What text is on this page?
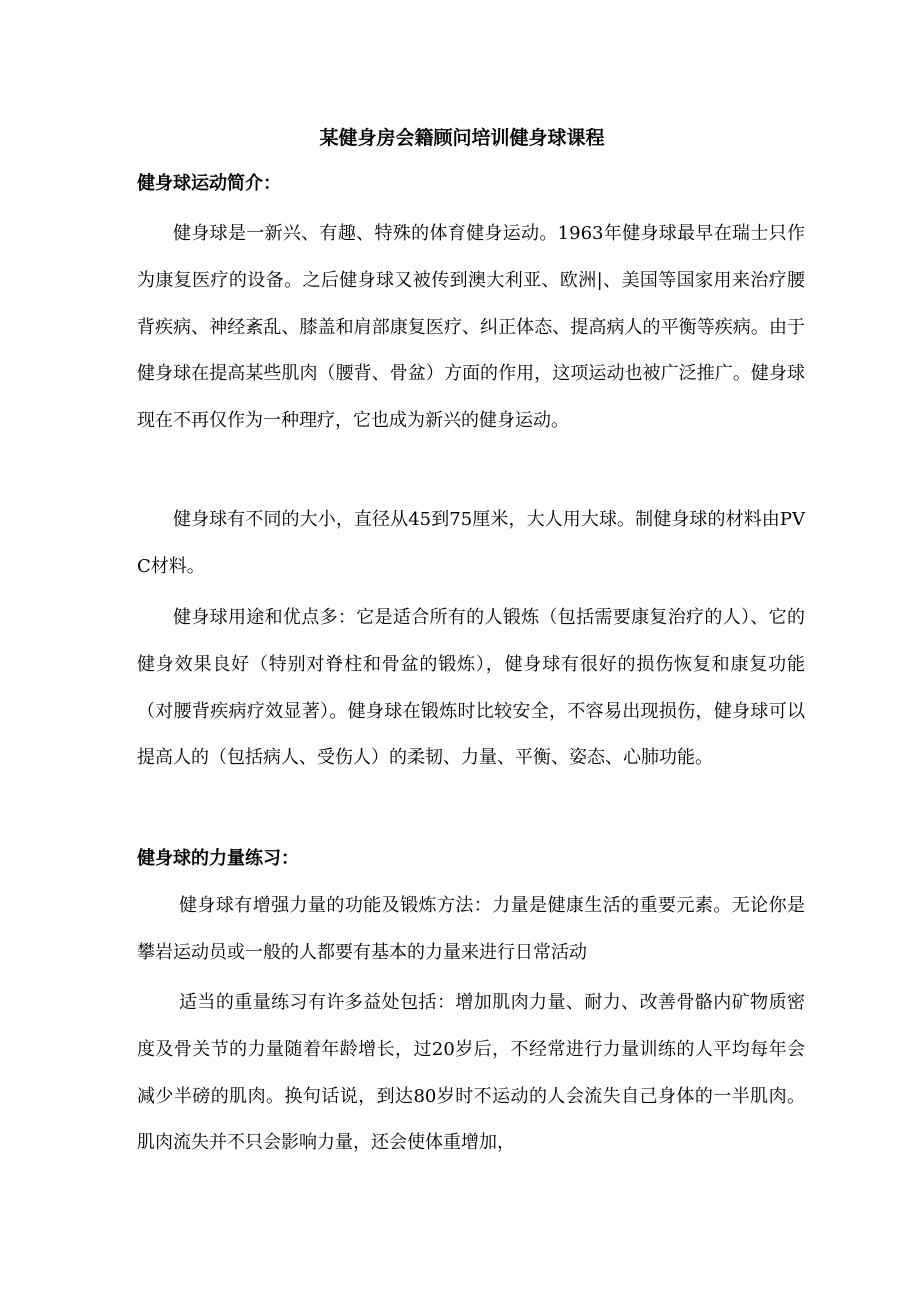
某健身房会籍顾问培训健身球课程
健身球运动简介：

健身球是一新兴、有趣、特殊的体育健身运动。1963年健身球最早在瑞士只作为康复医疗的设备。之后健身球又被传到澳大利亚、欧洲|、美国等国家用来治疗腰背疾病、神经紊乱、膝盖和肩部康复医疗、纠正体态、提高病人的平衡等疾病。由于健身球在提高某些肌肉（腰背、骨盆）方面的作用，这项运动也被广泛推广。健身球现在不再仅作为一种理疗，它也成为新兴的健身运动。

健身球有不同的大小，直径从45到75厘米，大人用大球。制健身球的材料由PVC材料。

健身球用途和优点多：它是适合所有的人锻炼（包括需要康复治疗的人）、它的健身效果良好（特别对脊柱和骨盆的锻炼），健身球有很好的损伤恢复和康复功能（对腰背疾病疗效显著）。健身球在锻炼时比较安全，不容易出现损伤，健身球可以提高人的（包括病人、受伤人）的柔韧、力量、平衡、姿态、心肺功能。

健身球的力量练习：

健身球有增强力量的功能及锻炼方法：力量是健康生活的重要元素。无论你是攀岩运动员或一般的人都要有基本的力量来进行日常活动

适当的重量练习有许多益处包括：增加肌肉力量、耐力、改善骨骼内矿物质密度及骨关节的力量随着年龄增长，过20岁后，不经常进行力量训练的人平均每年会减少半磅的肌肉。换句话说，到达80岁时不运动的人会流失自己身体的一半肌肉。肌肉流失并不只会影响力量，还会使体重增加，
